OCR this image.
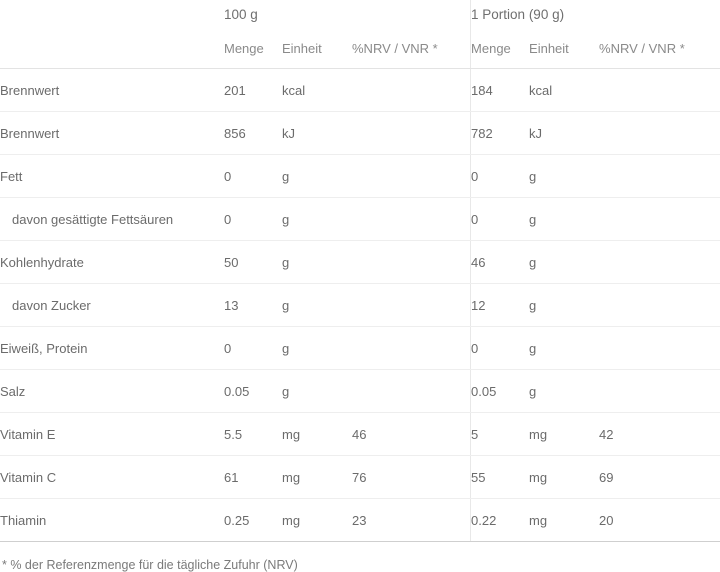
	100 g			1 Portion (90 g)		
	Menge	Einheit	%NRV / VNR *		Menge	Einheit	%NRV / VNR *
Brennwert	201	kcal			184	kcal	
Brennwert	856	kJ			782	kJ	
Fett	0	g			0	g	
davon gesättigte Fettsäuren	0	g			0	g	
Kohlenhydrate	50	g			46	g	
davon Zucker	13	g			12	g	
Eiweiß, Protein	0	g			0	g	
Salz	0.05	g			0.05	g	
Vitamin E	5.5	mg	46		5	mg	42
Vitamin C	61	mg	76		55	mg	69
Thiamin	0.25	mg	23		0.22	mg	20
* % der Referenzmenge für die tägliche Zufuhr (NRV)
